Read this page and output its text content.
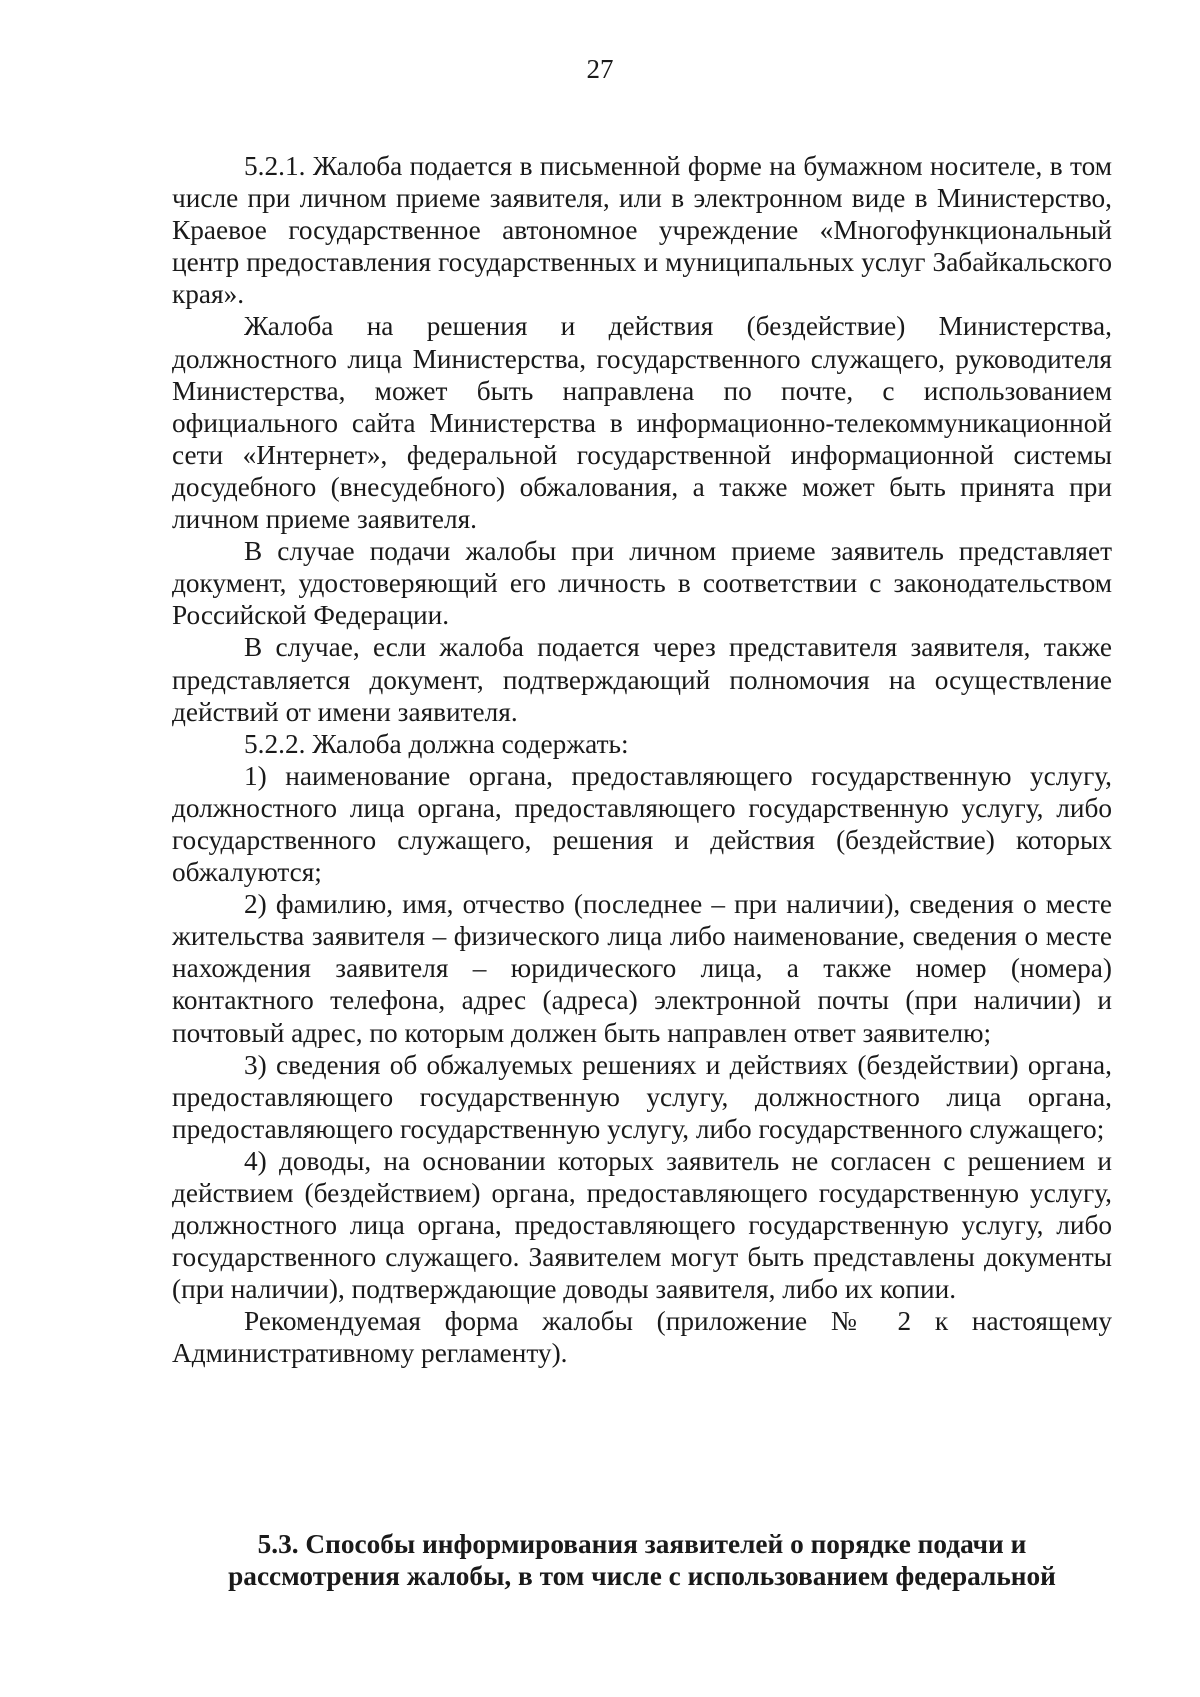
27

5.2.1. Жалоба подается в письменной форме на бумажном носителе, в том числе при личном приеме заявителя, или в электронном виде в Министерство, Краевое государственное автономное учреждение «Многофункциональный центр предоставления государственных и муниципальных услуг Забайкальского края».

Жалоба на решения и действия (бездействие) Министерства, должностного лица Министерства, государственного служащего, руководителя Министерства, может быть направлена по почте, с использованием официального сайта Министерства в информационно-​телекоммуникационной сети «Интернет», федеральной государственной информационной системы досудебного (внесудебного) обжалования, а также может быть принята при личном приеме заявителя.

В случае подачи жалобы при личном приеме заявитель представляет документ, удостоверяющий его личность в соответствии с законодательством Российской Федерации.

В случае, если жалоба подается через представителя заявителя, также представляется документ, подтверждающий полномочия на осуществление действий от имени заявителя.

5.2.2. Жалоба должна содержать:

1) наименование органа, предоставляющего государственную услугу, должностного лица органа, предоставляющего государственную услугу, либо государственного служащего, решения и действия (бездействие) которых обжалуются;

2) фамилию, имя, отчество (последнее – при наличии), сведения о месте жительства заявителя – физического лица либо наименование, сведения о месте нахождения заявителя – юридического лица, а также номер (номера) контактного телефона, адрес (адреса) электронной почты (при наличии) и почтовый адрес, по которым должен быть направлен ответ заявителю;

3) сведения об обжалуемых решениях и действиях (бездействии) органа, предоставляющего государственную услугу, должностного лица органа, предоставляющего государственную услугу, либо государственного служащего;

4) доводы, на основании которых заявитель не согласен с решением и действием (бездействием) органа, предоставляющего государственную услугу, должностного лица органа, предоставляющего государственную услугу, либо государственного служащего. Заявителем могут быть представлены документы (при наличии), подтверждающие доводы заявителя, либо их копии.

Рекомендуемая форма жалобы (приложение № 2 к настоящему Административному регламенту).

5.3. Способы информирования заявителей о порядке подачи и
рассмотрения жалобы, в том числе с использованием федеральной
